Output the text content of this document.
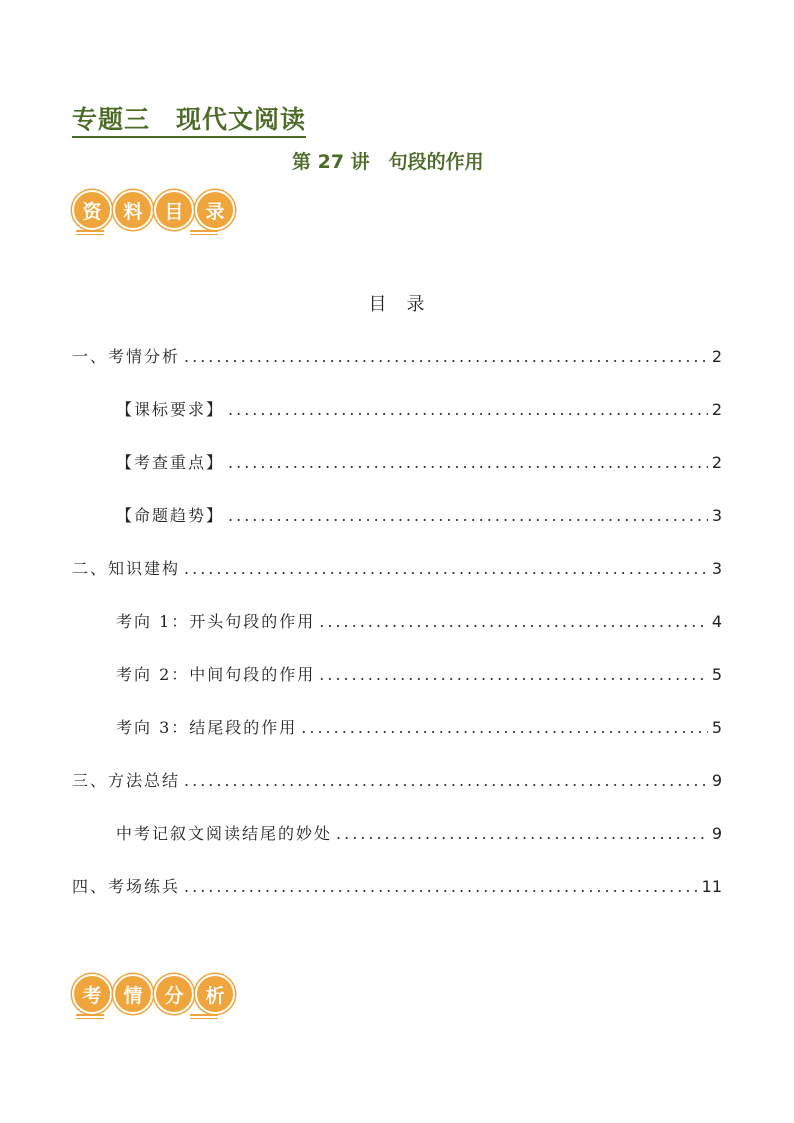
专题三　现代文阅读
第 27 讲　句段的作用
资	料	目	录
目　录
一、考情分析 .....	2
【课标要求】 .....	2
【考查重点】 .....	2
【命题趋势】 .....	3
二、知识建构 .....	3
考向 1：开头句段的作用 .....	4
考向 2：中间句段的作用 .....	5
考向 3：结尾段的作用 .....	5
三、方法总结 .....	9
中考记叙文阅读结尾的妙处 .....	9
四、考场练兵 .....	11
考	情	分	析
